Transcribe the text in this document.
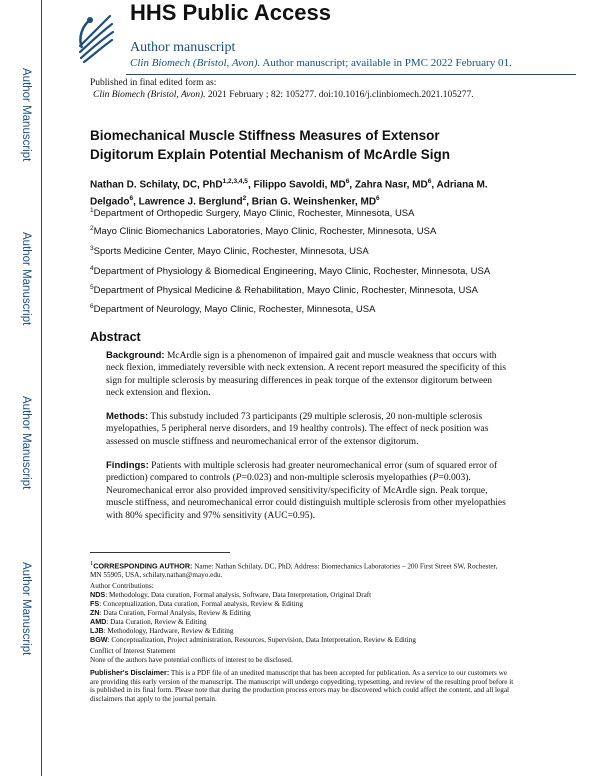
Author Manuscript
Author Manuscript
Author Manuscript
Author Manuscript
HHS Public Access
Author manuscript
Clin Biomech (Bristol, Avon). Author manuscript; available in PMC 2022 February 01.
Published in final edited form as:
Clin Biomech (Bristol, Avon). 2021 February ; 82: 105277. doi:10.1016/j.clinbiomech.2021.105277.
Biomechanical Muscle Stiffness Measures of Extensor Digitorum Explain Potential Mechanism of McArdle Sign
Nathan D. Schilaty, DC, PhD$^{1,2,3,4,5}$, Filippo Savoldi, $MD^6$, Zahra Nasr, $MD^6$, Adriana M. Delgado$^6$, Lawrence J. Berglund$^2$, Brian G. Weinshenker, $MD^6$
$^1$Department of Orthopedic Surgery, Mayo Clinic, Rochester, Minnesota, USA
$^2$Mayo Clinic Biomechanics Laboratories, Mayo Clinic, Rochester, Minnesota, USA
$^3$Sports Medicine Center, Mayo Clinic, Rochester, Minnesota, USA
$^4$Department of Physiology & Biomedical Engineering, Mayo Clinic, Rochester, Minnesota, USA
$^5$Department of Physical Medicine & Rehabilitation, Mayo Clinic, Rochester, Minnesota, USA
$^6$Department of Neurology, Mayo Clinic, Rochester, Minnesota, USA
Abstract
Background: McArdle sign is a phenomenon of impaired gait and muscle weakness that occurs with neck flexion, immediately reversible with neck extension. A recent report measured the specificity of this sign for multiple sclerosis by measuring differences in peak torque of the extensor digitorum between neck extension and flexion.
Methods: This substudy included 73 participants (29 multiple sclerosis, 20 non-multiple sclerosis myelopathies, 5 peripheral nerve disorders, and 19 healthy controls). The effect of neck position was assessed on muscle stiffness and neuromechanical error of the extensor digitorum.
Findings: Patients with multiple sclerosis had greater neuromechanical error (sum of squared error of prediction) compared to controls (P=0.023) and non-multiple sclerosis myelopathies (P=0.003). Neuromechanical error also provided improved sensitivity/specificity of McArdle sign. Peak torque, muscle stiffness, and neuromechanical error could distinguish multiple sclerosis from other myelopathies with 80% specificity and 97% sensitivity (AUC=0.95).
$^1$CORRESPONDING AUTHOR: Name: Nathan Schilaty, DC, PhD, Address: Biomechanics Laboratories – 200 First Street SW, Rochester, MN 55905, USA, schilaty.nathan@mayo.edu.
Author Contributions:
NDS: Methodology, Data curation, Formal analysis, Software, Data Interpretation, Original Draft
FS: Conceptualization, Data curation, Formal analysis, Review & Editing
ZN: Data Curation, Formal Analysis, Review & Editing
AMD: Data Curation, Review & Editing
LJB: Methodology, Hardware, Review & Editing
BGW: Conceptualization, Project administration, Resources, Supervision, Data Interpretation, Review & Editing
Conflict of Interest Statement
None of the authors have potential conflicts of interest to be disclosed.
Publisher's Disclaimer: This is a PDF file of an unedited manuscript that has been accepted for publication. As a service to our customers we are providing this early version of the manuscript. The manuscript will undergo copyediting, typesetting, and review of the resulting proof before it is published in its final form. Please note that during the production process errors may be discovered which could affect the content, and all legal disclaimers that apply to the journal pertain.
